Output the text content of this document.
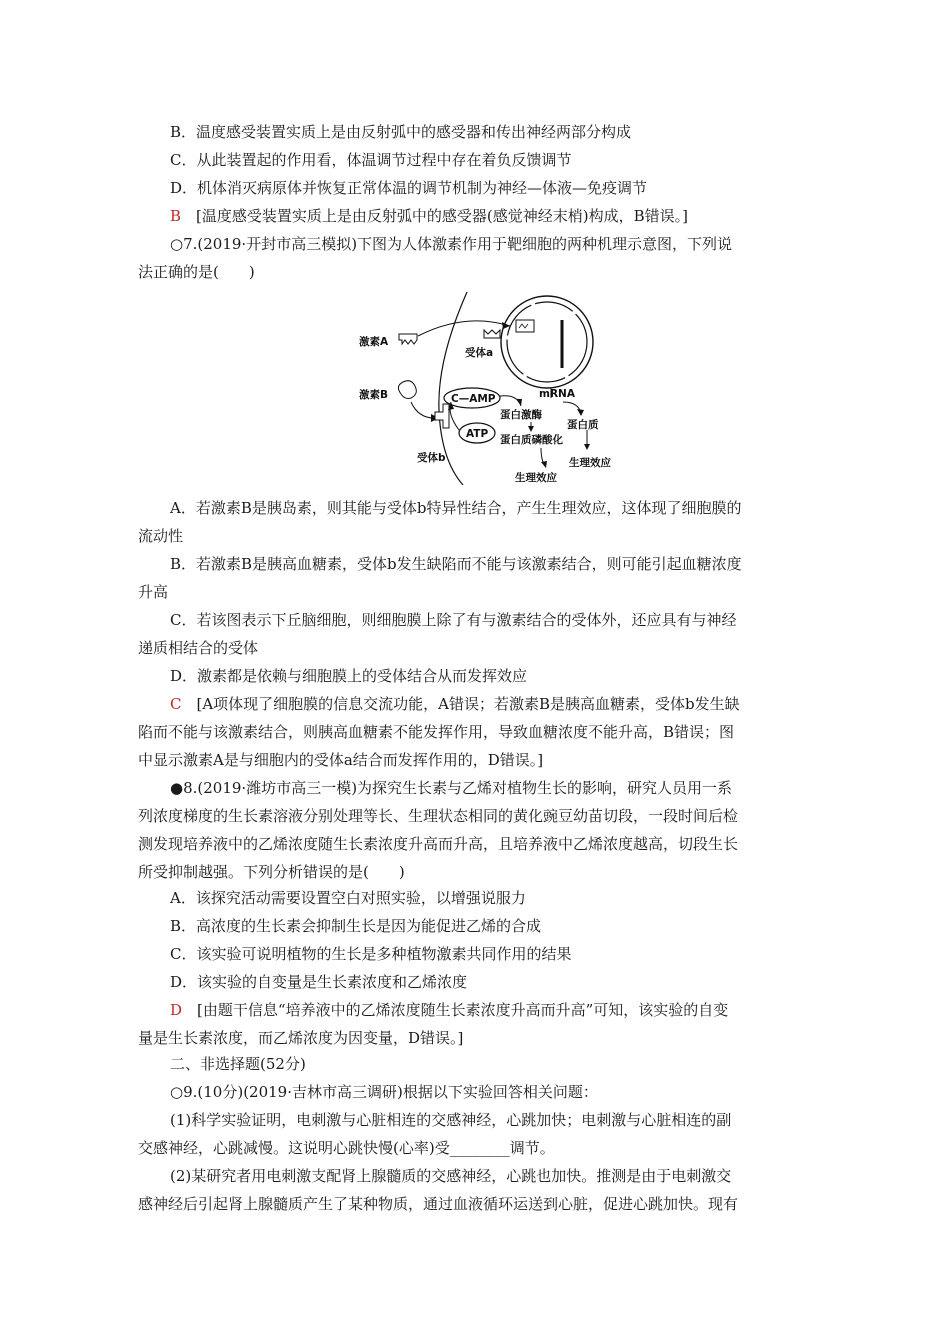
B．温度感受装置实质上是由反射弧中的感受器和传出神经两部分构成
C．从此装置起的作用看，体温调节过程中存在着负反馈调节
D．机体消灭病原体并恢复正常体温的调节机制为神经—体液—免疫调节
B　 [温度感受装置实质上是由反射弧中的感受器(感觉神经末梢)构成，B错误。]
○7.(2019·开封市高三模拟)下图为人体激素作用于靶细胞的两种机理示意图，下列说
法正确的是(　　)
激素A
受体a
mRNA
激素B	C—AMP
ATP
蛋白激酶
蛋白质磷酸化
蛋白质
受体b	生理效应
生理效应
A．若激素B是胰岛素，则其能与受体b特异性结合，产生生理效应，这体现了细胞膜的
流动性
B．若激素B是胰高血糖素，受体b发生缺陷而不能与该激素结合，则可能引起血糖浓度
升高
C．若该图表示下丘脑细胞，则细胞膜上除了有与激素结合的受体外，还应具有与神经
递质相结合的受体
D．激素都是依赖与细胞膜上的受体结合从而发挥效应
C　 [A项体现了细胞膜的信息交流功能，A错误；若激素B是胰高血糖素，受体b发生缺
陷而不能与该激素结合，则胰高血糖素不能发挥作用，导致血糖浓度不能升高，B错误；图
中显示激素A是与细胞内的受体a结合而发挥作用的，D错误。]
●8.(2019·潍坊市高三一模)为探究生长素与乙烯对植物生长的影响，研究人员用一系
列浓度梯度的生长素溶液分别处理等长、生理状态相同的黄化豌豆幼苗切段，一段时间后检
测发现培养液中的乙烯浓度随生长素浓度升高而升高，且培养液中乙烯浓度越高，切段生长
所受抑制越强。下列分析错误的是(　　)
A．该探究活动需要设置空白对照实验，以增强说服力
B．高浓度的生长素会抑制生长是因为能促进乙烯的合成
C．该实验可说明植物的生长是多种植物激素共同作用的结果
D．该实验的自变量是生长素浓度和乙烯浓度
D　 [由题干信息“培养液中的乙烯浓度随生长素浓度升高而升高”可知，该实验的自变
量是生长素浓度，而乙烯浓度为因变量，D错误。]
二、非选择题(52分)
○9.(10分)(2019·吉林市高三调研)根据以下实验回答相关问题：
(1)科学实验证明，电刺激与心脏相连的交感神经，心跳加快；电刺激与心脏相连的副
交感神经，心跳减慢。这说明心跳快慢(心率)受________调节。
(2)某研究者用电刺激支配肾上腺髓质的交感神经，心跳也加快。推测是由于电刺激交
感神经后引起肾上腺髓质产生了某种物质，通过血液循环运送到心脏，促进心跳加快。现有
